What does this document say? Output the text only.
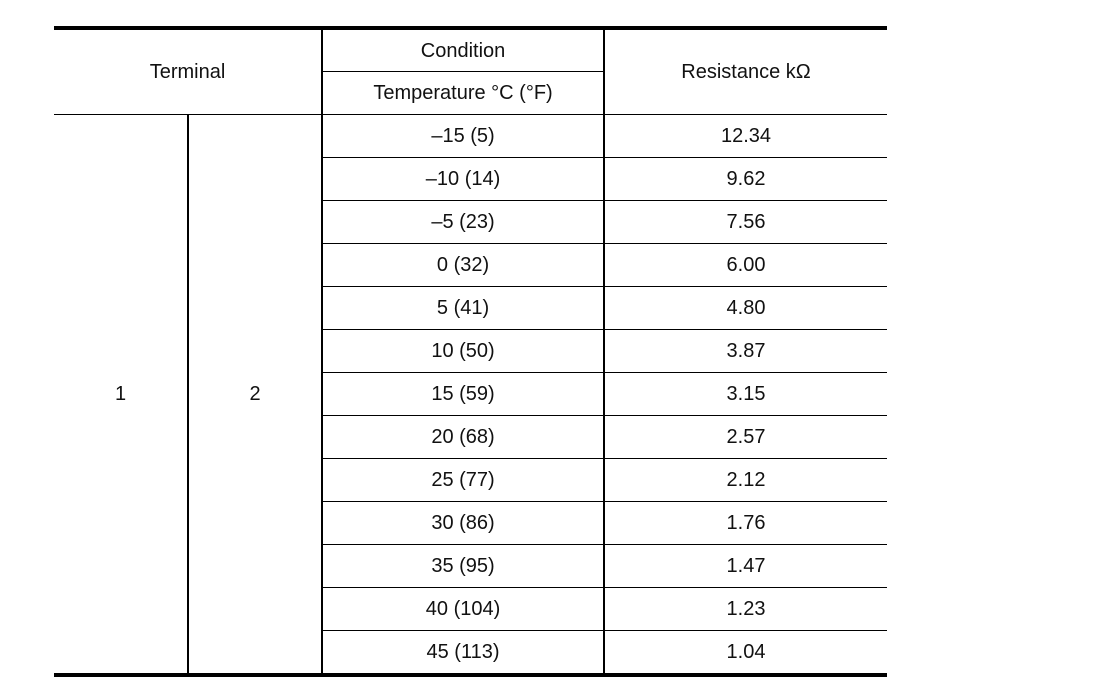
Terminal		Condition	Resistance kΩ
		Temperature °C (°F)	
1	2	–15 (5)	12.34
		–10 (14)	9.62
		–5 (23)	7.56
		0 (32)	6.00
		5 (41)	4.80
		10 (50)	3.87
		15 (59)	3.15
		20 (68)	2.57
		25 (77)	2.12
		30 (86)	1.76
		35 (95)	1.47
		40 (104)	1.23
		45 (113)	1.04
